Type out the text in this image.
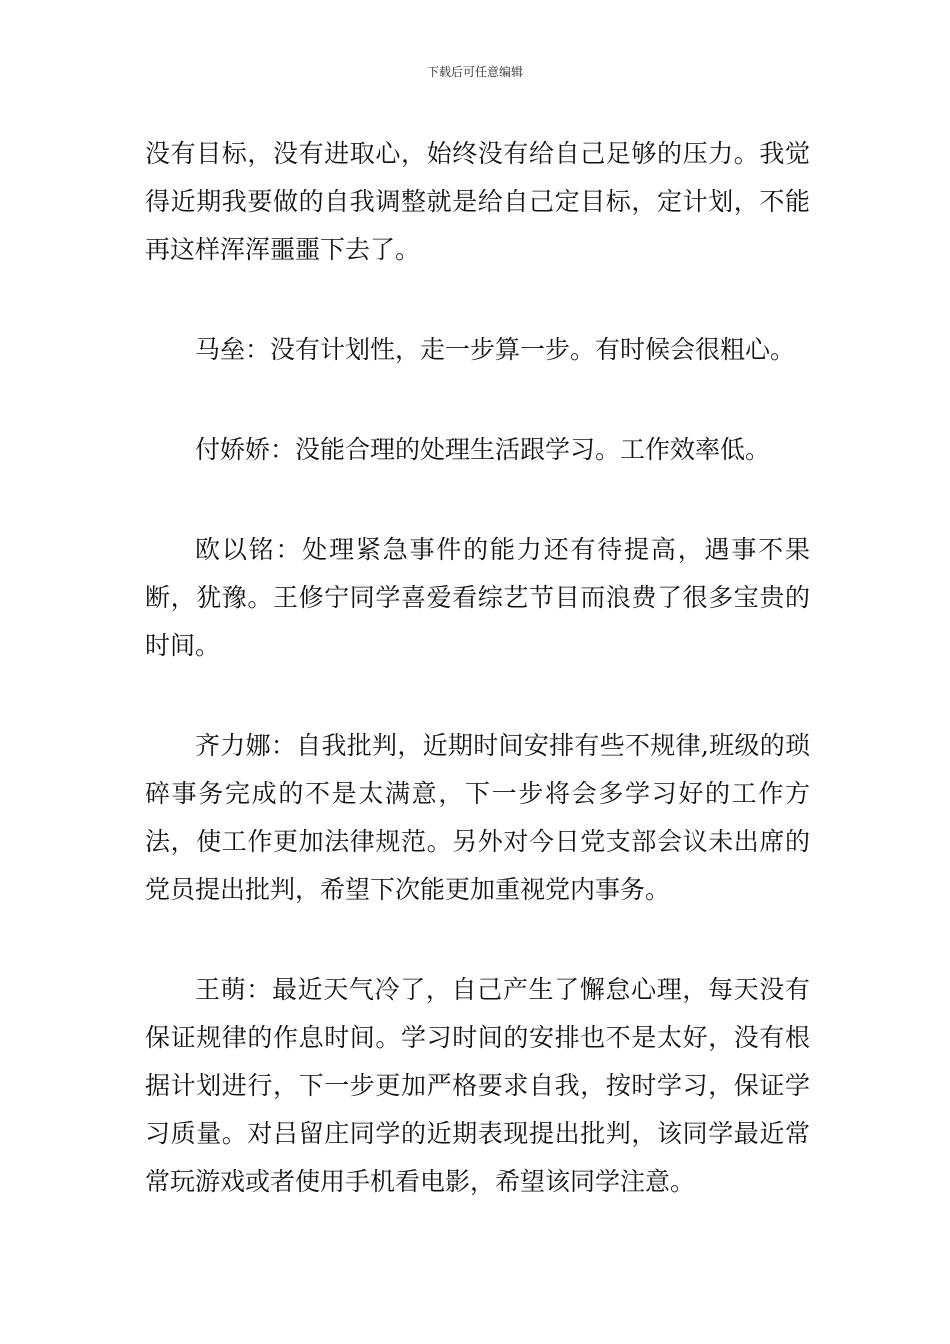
下载后可任意编辑

没有目标，没有进取心，始终没有给自己足够的压力。我觉得近期我要做的自我调整就是给自己定目标，定计划，不能再这样浑浑噩噩下去了。

马垒：没有计划性，走一步算一步。有时候会很粗心。

付娇娇：没能合理的处理生活跟学习。工作效率低。

欧以铭：处理紧急事件的能力还有待提高，遇事不果断，犹豫。王修宁同学喜爱看综艺节目而浪费了很多宝贵的时间。

齐力娜：自我批判，近期时间安排有些不规律,班级的琐碎事务完成的不是太满意，下一步将会多学习好的工作方法，使工作更加法律规范。另外对今日党支部会议未出席的党员提出批判，希望下次能更加重视党内事务。

王萌：最近天气冷了，自己产生了懈怠心理，每天没有保证规律的作息时间。学习时间的安排也不是太好，没有根据计划进行，下一步更加严格要求自我，按时学习，保证学习质量。对吕留庄同学的近期表现提出批判，该同学最近常常玩游戏或者使用手机看电影，希望该同学注意。
